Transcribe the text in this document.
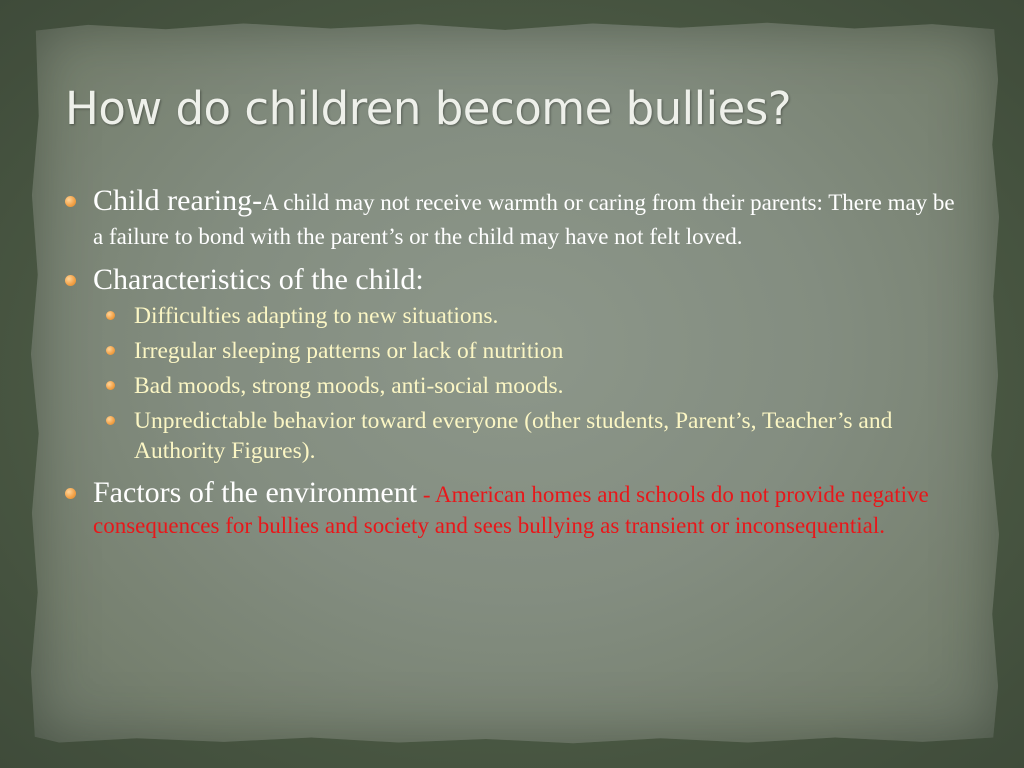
How do children become bullies?

Child rearing-A child may not receive warmth or caring from their parents: There may be a failure to bond with the parent’s or the child may have not felt loved.

Characteristics of the child:
Difficulties adapting to new situations.
Irregular sleeping patterns or lack of nutrition
Bad moods, strong moods, anti-social moods.
Unpredictable behavior toward everyone (other students, Parent’s, Teacher’s and Authority Figures).

Factors of the environment - American homes and schools do not provide negative consequences for bullies and society and sees bullying as transient or inconsequential.
